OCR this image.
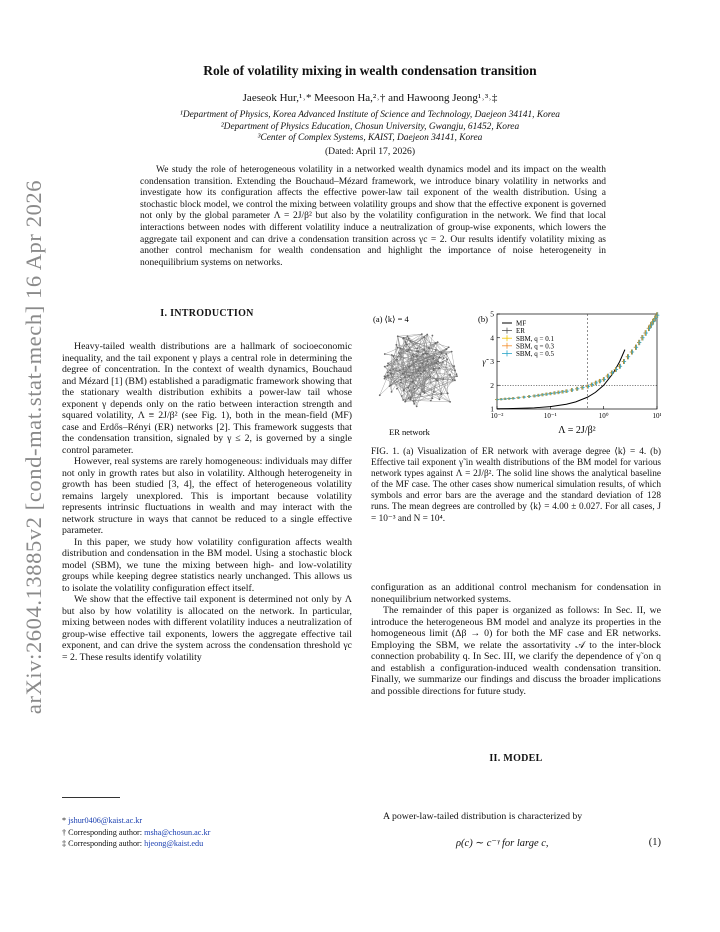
arXiv:2604.13885v2 [cond-mat.stat-mech] 16 Apr 2026
Role of volatility mixing in wealth condensation transition
Jaeseok Hur,¹˒* Meesoon Ha,²˒† and Hawoong Jeong¹˒³˒‡
¹Department of Physics, Korea Advanced Institute of Science and Technology, Daejeon 34141, Korea
²Department of Physics Education, Chosun University, Gwangju, 61452, Korea
³Center of Complex Systems, KAIST, Daejeon 34141, Korea
(Dated: April 17, 2026)
We study the role of heterogeneous volatility in a networked wealth dynamics model and its impact on the wealth condensation transition. Extending the Bouchaud–Mézard framework, we introduce binary volatility in networks and investigate how its configuration affects the effective power-law tail exponent of the wealth distribution. Using a stochastic block model, we control the mixing between volatility groups and show that the effective exponent is governed not only by the global parameter Λ = 2J/β² but also by the volatility configuration in the network. We find that local interactions between nodes with different volatility induce a neutralization of group-wise exponents, which lowers the aggregate tail exponent and can drive a condensation transition across γc = 2. Our results identify volatility mixing as another control mechanism for wealth condensation and highlight the importance of noise heterogeneity in nonequilibrium systems on networks.
I. INTRODUCTION

Heavy-tailed wealth distributions are a hallmark of socioeconomic inequality, and the tail exponent γ plays a central role in determining the degree of concentration. In the context of wealth dynamics, Bouchaud and Mézard [1] (BM) established a paradigmatic framework showing that the stationary wealth distribution exhibits a power-law tail whose exponent γ depends only on the ratio between interaction strength and squared volatility, Λ ≡ 2J/β² (see Fig. 1), both in the mean-field (MF) case and Erdős–Rényi (ER) networks [2]. This framework suggests that the condensation transition, signaled by γ ≤ 2, is governed by a single control parameter.

However, real systems are rarely homogeneous: individuals may differ not only in growth rates but also in volatility. Although heterogeneity in growth has been studied [3, 4], the effect of heterogeneous volatility remains largely unexplored. This is important because volatility represents intrinsic fluctuations in wealth and may interact with the network structure in ways that cannot be reduced to a single effective parameter.

In this paper, we study how volatility configuration affects wealth distribution and condensation in the BM model. Using a stochastic block model (SBM), we tune the mixing between high- and low-volatility groups while keeping degree statistics nearly unchanged. This allows us to isolate the volatility configuration effect itself.

We show that the effective tail exponent is determined not only by Λ but also by how volatility is allocated on the network. In particular, mixing between nodes with different volatility induces a neutralization of group-wise effective tail exponents, lowers the aggregate effective tail exponent, and can drive the system across the condensation threshold γc = 2. These results identify volatility

* jshur0406@kaist.ac.kr
† Corresponding author: msha@chosun.ac.kr
‡ Corresponding author: hjeong@kaist.edu
(a) ⟨k⟩ = 4
ER network
(b)
1
2
3
4
5
10⁻²	10⁻¹	10⁰	10¹
γ̃
Λ = 2J/β²
MF
ER
SBM, q = 0.1
SBM, q = 0.3
SBM, q = 0.5
FIG. 1. (a) Visualization of ER network with average degree ⟨k⟩ = 4. (b) Effective tail exponent γ̃ in wealth distributions of the BM model for various network types against Λ = 2J/β². The solid line shows the analytical baseline of the MF case. The other cases show numerical simulation results, of which symbols and error bars are the average and the standard deviation of 128 runs. The mean degrees are controlled by ⟨k⟩ = 4.00 ± 0.027. For all cases, J = 10⁻³ and N = 10⁴.

configuration as an additional control mechanism for condensation in nonequilibrium networked systems.

The remainder of this paper is organized as follows: In Sec. II, we introduce the heterogeneous BM model and analyze its properties in the homogeneous limit (Δβ → 0) for both the MF case and ER networks. Employing the SBM, we relate the assortativity 𝒜 to the inter-block connection probability q. In Sec. III, we clarify the dependence of γ̃ on q and establish a configuration-induced wealth condensation transition. Finally, we summarize our findings and discuss the broader implications and possible directions for future study.

II. MODEL
A power-law-tailed distribution is characterized by
ρ(c) ∼ c⁻ᵞ for large c,	(1)
